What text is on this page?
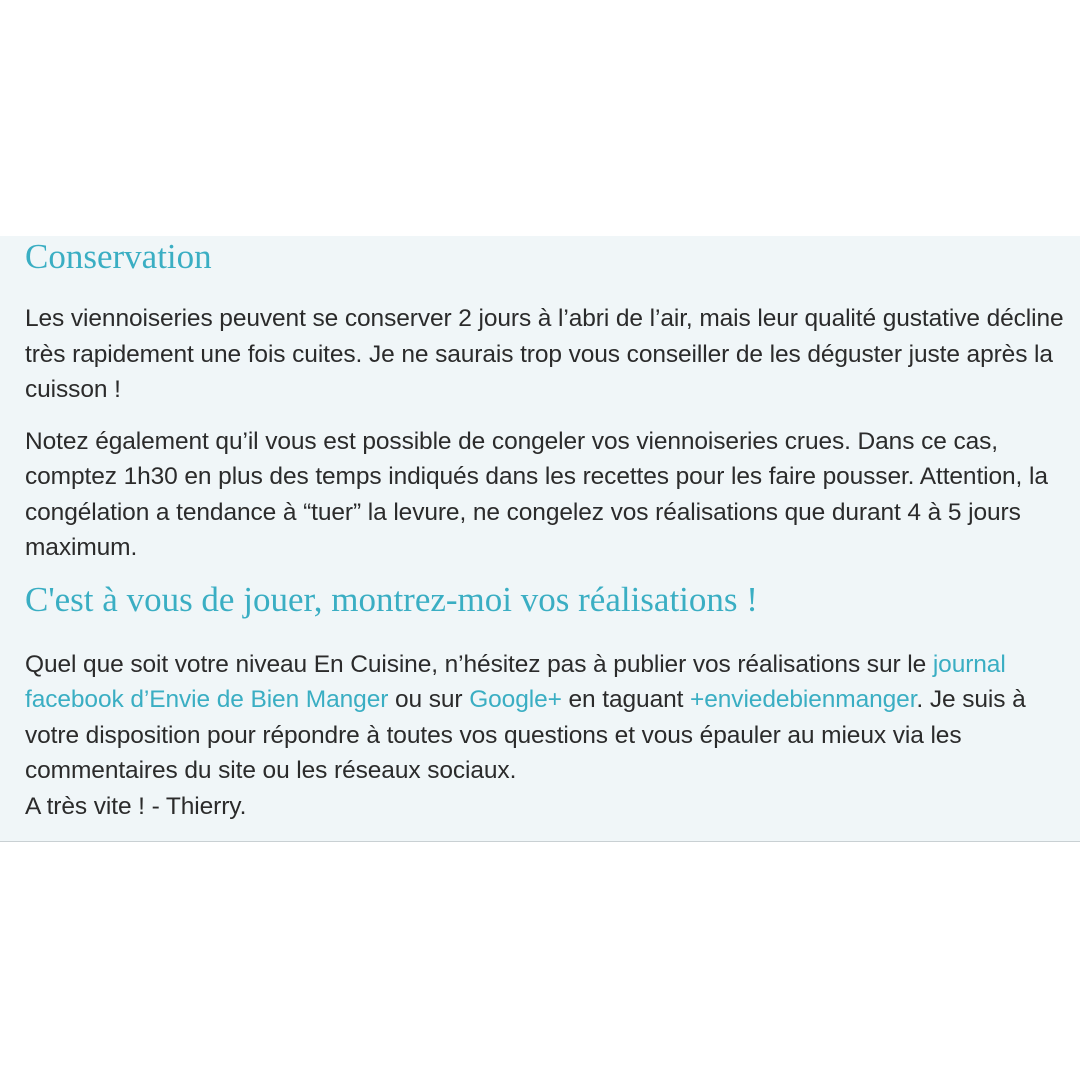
Conservation

Les viennoiseries peuvent se conserver 2 jours à l’abri de l’air, mais leur qualité gustative décline très rapidement une fois cuites. Je ne saurais trop vous conseiller de les déguster juste après la cuisson !

Notez également qu’il vous est possible de congeler vos viennoiseries crues. Dans ce cas, comptez 1h30 en plus des temps indiqués dans les recettes pour les faire pousser. Attention, la congélation a tendance à “tuer” la levure, ne congelez vos réalisations que durant 4 à 5 jours maximum.

C'est à vous de jouer, montrez-moi vos réalisations !

Quel que soit votre niveau En Cuisine, n’hésitez pas à publier vos réalisations sur le journal facebook d’Envie de Bien Manger ou sur Google+ en taguant +enviedebienmanger. Je suis à votre disposition pour répondre à toutes vos questions et vous épauler au mieux via les commentaires du site ou les réseaux sociaux.
A très vite ! - Thierry.
